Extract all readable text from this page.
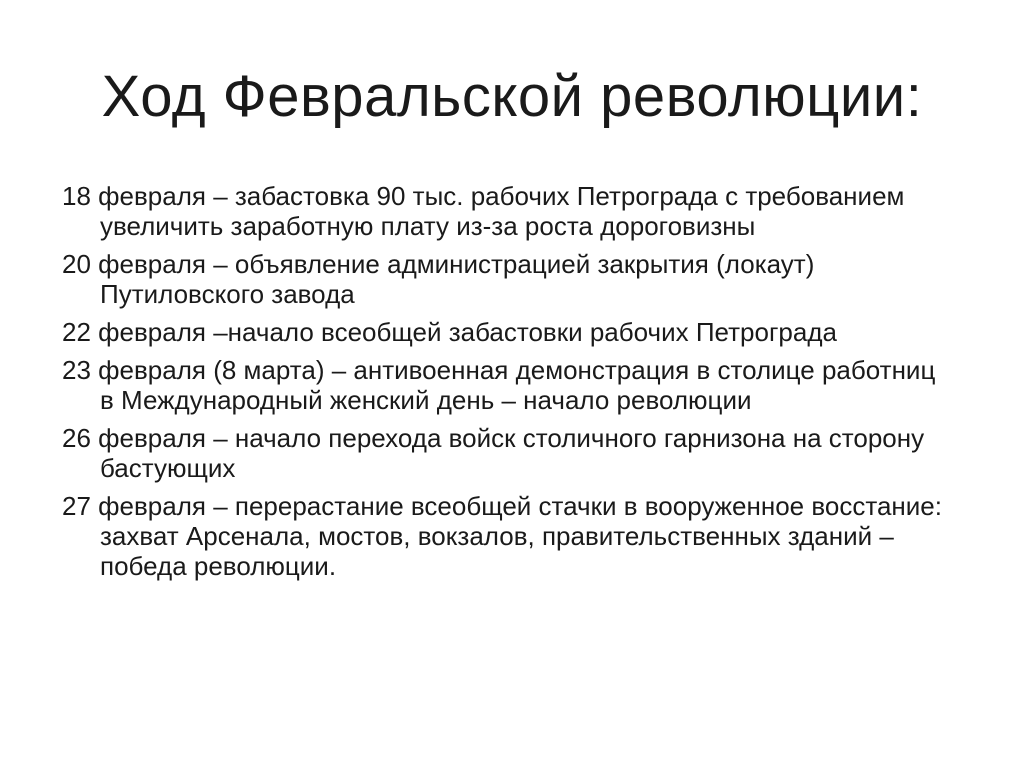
Ход Февральской революции:
18 февраля – забастовка 90 тыс. рабочих Петрограда с требованием увеличить заработную плату из-за роста дороговизны
20 февраля – объявление администрацией закрытия (локаут) Путиловского завода
22 февраля –начало всеобщей забастовки рабочих Петрограда
23 февраля (8 марта) – антивоенная демонстрация в столице работниц в Международный женский день – начало революции
26 февраля – начало перехода войск столичного гарнизона на сторону бастующих
27 февраля – перерастание всеобщей стачки в вооруженное восстание: захват Арсенала, мостов, вокзалов, правительственных зданий – победа революции.
